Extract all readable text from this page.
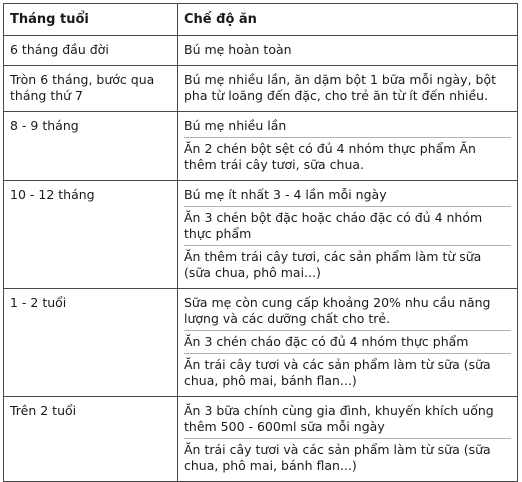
Tháng tuổi	Chế độ ăn
6 tháng đầu đời	Bú mẹ hoàn toàn

Tròn 6 tháng, bước qua tháng thứ 7	Bú mẹ nhiều lần, ăn dặm bột 1 bữa mỗi ngày, bột pha từ loãng đến đặc, cho trẻ ăn từ ít đến nhiều.

8 - 9 tháng	Bú mẹ nhiều lần
Ăn 2 chén bột sệt có đủ 4 nhóm thực phẩm Ăn thêm trái cây tươi, sữa chua.

10 - 12 tháng	Bú mẹ ít nhất 3 - 4 lần mỗi ngày
Ăn 3 chén bột đặc hoặc cháo đặc có đủ 4 nhóm thực phẩm
Ăn thêm trái cây tươi, các sản phẩm làm từ sữa (sữa chua, phô mai...)

1 - 2 tuổi	Sữa mẹ còn cung cấp khoảng 20% nhu cầu năng lượng và các dưỡng chất cho trẻ.
Ăn 3 chén cháo đặc có đủ 4 nhóm thực phẩm
Ăn trái cây tươi và các sản phẩm làm từ sữa (sữa chua, phô mai, bánh flan...)

Trên 2 tuổi	Ăn 3 bữa chính cùng gia đình, khuyến khích uống thêm 500 - 600ml sữa mỗi ngày
Ăn trái cây tươi và các sản phẩm làm từ sữa (sữa chua, phô mai, bánh flan...)
